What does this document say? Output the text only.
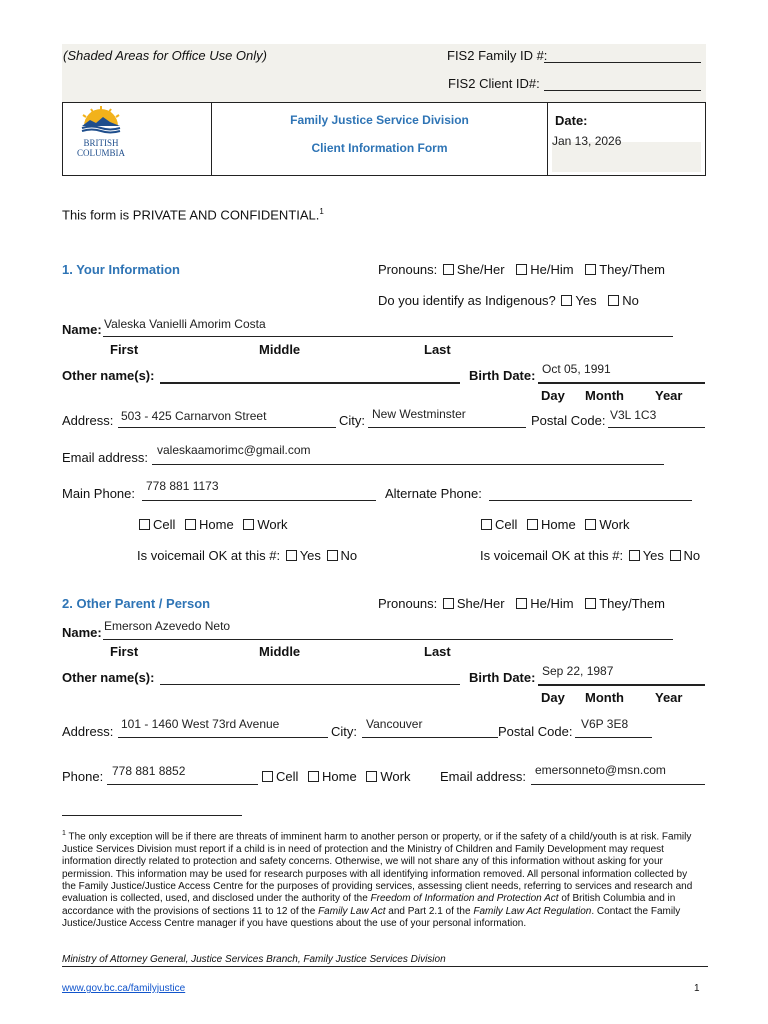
(Shaded Areas for Office Use Only)	FIS2 Family ID #:
FIS2 Client ID#:
BRITISH
COLUMBIA
Family Justice Service Division
Client Information Form
Date:
Jan 13, 2026
This form is PRIVATE AND CONFIDENTIAL.$^1$
1. Your Information	Pronouns: She/Her He/Him They/Them
Do you identify as Indigenous? Yes No
Name: Valeska Vanielli Amorim Costa
First	Middle	Last
Other name(s):	Birth Date: Oct 05, 1991
Day Month Year
Address: 503 - 425 Carnarvon Street	City: New Westminster	Postal Code: V3L 1C3
Email address: valeskaamorimc@gmail.com
Main Phone: 778 881 1173	Alternate Phone:
Cell Home Work	Cell Home Work
Is voicemail OK at this #: Yes No	Is voicemail OK at this #: Yes No
2. Other Parent / Person	Pronouns: She/Her He/Him They/Them
Name: Emerson Azevedo Neto
First	Middle	Last
Other name(s):	Birth Date: Sep 22, 1987
Day Month Year
Address: 101 - 1460 West 73rd Avenue	City: Vancouver	Postal Code: V6P 3E8
Phone: 778 881 8852	Cell Home Work Email address: emersonneto@msn.com
$^1$ The only exception will be if there are threats of imminent harm to another person or property, or if the safety of a child/youth is at risk. Family Justice Services Division must report if a child is in need of protection and the Ministry of Children and Family Development may request information directly related to protection and safety concerns. Otherwise, we will not share any of this information without asking for your permission. This information may be used for research purposes with all identifying information removed. All personal information collected by the Family Justice/Justice Access Centre for the purposes of providing services, assessing client needs, referring to services and research and evaluation is collected, used, and disclosed under the authority of the Freedom of Information and Protection Act of British Columbia and in accordance with the provisions of sections 11 to 12 of the Family Law Act and Part 2.1 of the Family Law Act Regulation. Contact the Family Justice/Justice Access Centre manager if you have questions about the use of your personal information.
Ministry of Attorney General, Justice Services Branch, Family Justice Services Division
www.gov.bc.ca/familyjustice	1
